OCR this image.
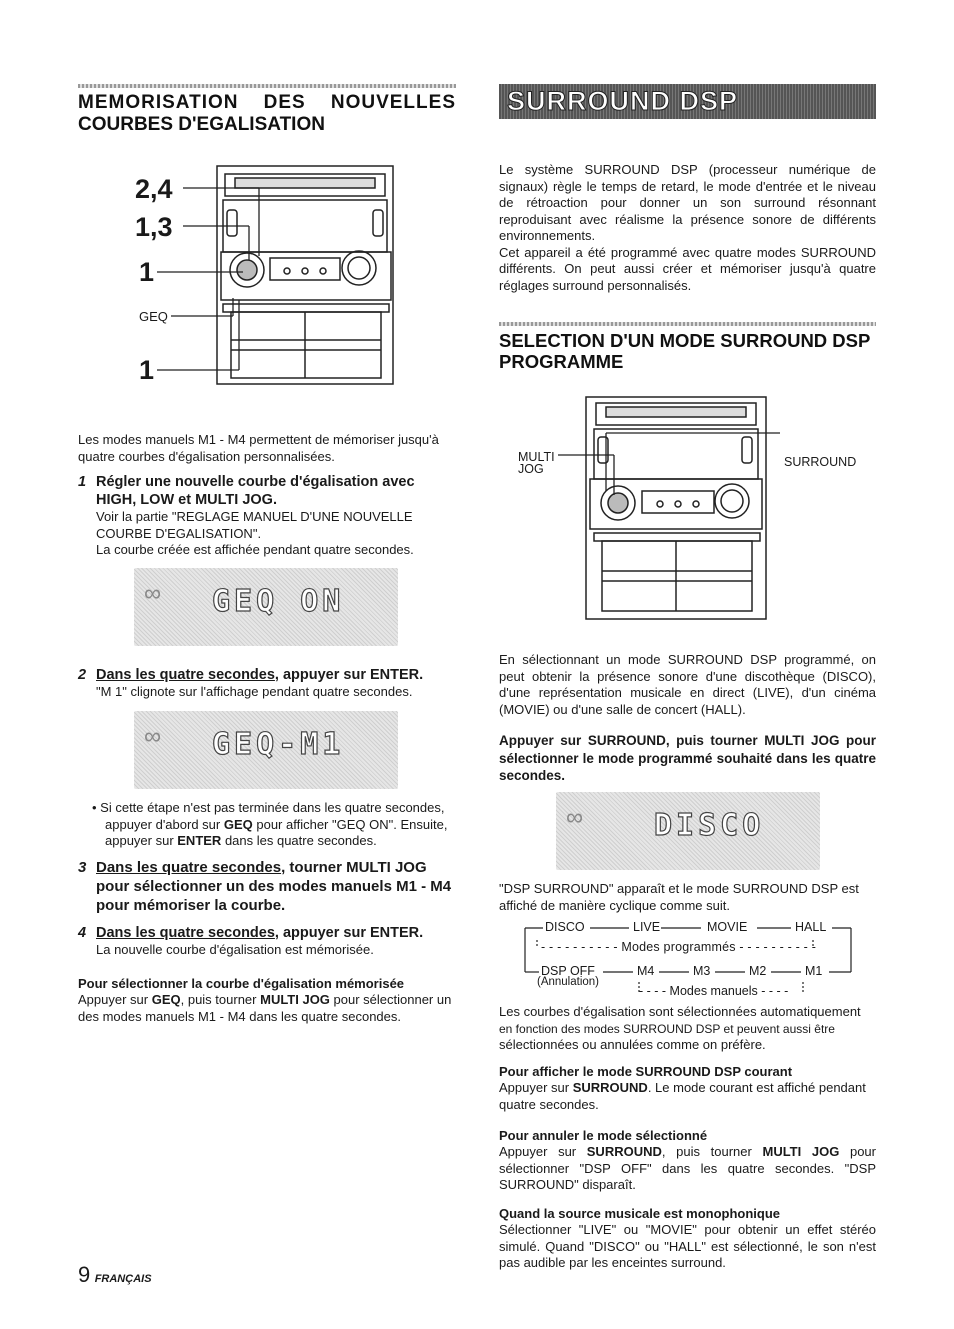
MEMORISATION DES NOUVELLES
COURBES D'EGALISATION
2,4
1,3
1
GEQ
1

Les modes manuels M1 - M4 permettent de mémoriser jusqu'à quatre courbes d'égalisation personnalisées.

1 Régler une nouvelle courbe d'égalisation avec HIGH, LOW et MULTI JOG.

Voir la partie "REGLAGE MANUEL D'UNE NOUVELLE COURBE D'EGALISATION".

La courbe créée est affichée pendant quatre secondes.

∞ GEQ ON

2 Dans les quatre secondes, appuyer sur ENTER.

"M 1" clignote sur l'affichage pendant quatre secondes.

∞ GEQ-M1

• Si cette étape n'est pas terminée dans les quatre secondes, appuyer d'abord sur GEQ pour afficher "GEQ ON". Ensuite, appuyer sur ENTER dans les quatre secondes.

3 Dans les quatre secondes, tourner MULTI JOG pour sélectionner un des modes manuels M1 - M4 pour mémoriser la courbe.

4 Dans les quatre secondes, appuyer sur ENTER.

La nouvelle courbe d'égalisation est mémorisée.

Pour sélectionner la courbe d'égalisation mémorisée

Appuyer sur GEQ, puis tourner MULTI JOG pour sélectionner un des modes manuels M1 - M4 dans les quatre secondes.

SURROUND DSP

Le système SURROUND DSP (processeur numérique de signaux) règle le temps de retard, le mode d'entrée et le niveau de rétroaction pour donner un son surround résonnant reproduisant avec réalisme la présence sonore de différents environnements.

Cet appareil a été programmé avec quatre modes SURROUND différents. On peut aussi créer et mémoriser jusqu'à quatre réglages surround personnalisés.

SELECTION D'UN MODE SURROUND DSP PROGRAMME
MULTI
JOG	SURROUND

En sélectionnant un mode SURROUND DSP programmé, on peut obtenir la présence sonore d'une discothèque (DISCO), d'une représentation musicale en direct (LIVE), d'un cinéma (MOVIE) ou d'une salle de concert (HALL).

Appuyer sur SURROUND, puis tourner MULTI JOG pour sélectionner le mode programmé souhaité dans les quatre secondes.

∞ DISCO

"DSP SURROUND" apparaît et le mode SURROUND DSP est affiché de manière cyclique comme suit.

DISCO	LIVE	MOVIE	HALL
- - - - - - - - - - Modes programmés - - - - - - - - - -
DSP OFF	M4	M3	M2	M1
(Annulation)
- - - - Modes manuels - - - -

Les courbes d'égalisation sont sélectionnées automatiquement

en fonction des modes SURROUND DSP et peuvent aussi être

sélectionnées ou annulées comme on préfère.

Pour afficher le mode SURROUND DSP courant

Appuyer sur SURROUND. Le mode courant est affiché pendant quatre secondes.

Pour annuler le mode sélectionné

Appuyer sur SURROUND, puis tourner MULTI JOG pour sélectionner "DSP OFF" dans les quatre secondes. "DSP SURROUND" disparaît.

Quand la source musicale est monophonique

Sélectionner "LIVE" ou "MOVIE" pour obtenir un effet stéréo simulé. Quand "DISCO" ou "HALL" est sélectionné, le son n'est pas audible par les enceintes surround.

9 FRANÇAIS
